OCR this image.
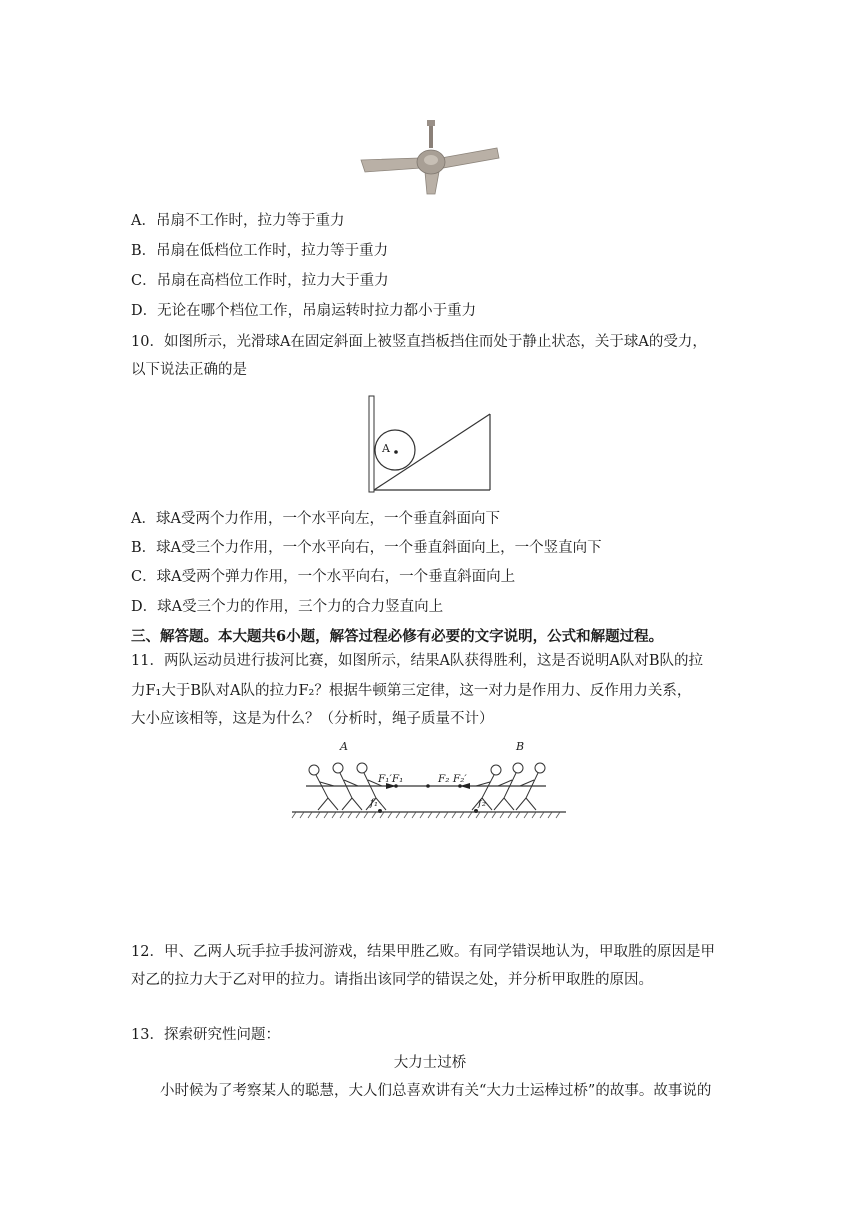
A．吊扇不工作时，拉力等于重力
B．吊扇在低档位工作时，拉力等于重力
C．吊扇在高档位工作时，拉力大于重力
D．无论在哪个档位工作，吊扇运转时拉力都小于重力
10．如图所示，光滑球A在固定斜面上被竖直挡板挡住而处于静止状态，关于球A的受力，
以下说法正确的是
A
A．球A受两个力作用，一个水平向左，一个垂直斜面向下
B．球A受三个力作用，一个水平向右，一个垂直斜面向上，一个竖直向下
C．球A受两个弹力作用，一个水平向右，一个垂直斜面向上
D．球A受三个力的作用，三个力的合力竖直向上
三、解答题。本大题共6小题，解答过程必修有必要的文字说明，公式和解题过程。
11．两队运动员进行拔河比赛，如图所示，结果A队获得胜利，这是否说明A队对B队的拉
力F₁大于B队对A队的拉力F₂？根据牛顿第三定律，这一对力是作用力、反作用力关系，
大小应该相等，这是为什么？（分析时，绳子质量不计）
A	B
F₁′F₁	F₂ F₂′
f₁	f₂
12．甲、乙两人玩手拉手拔河游戏，结果甲胜乙败。有同学错误地认为，甲取胜的原因是甲
对乙的拉力大于乙对甲的拉力。请指出该同学的错误之处，并分析甲取胜的原因。
13．探索研究性问题：
大力士过桥
小时候为了考察某人的聪慧，大人们总喜欢讲有关“大力士运棒过桥”的故事。故事说的
